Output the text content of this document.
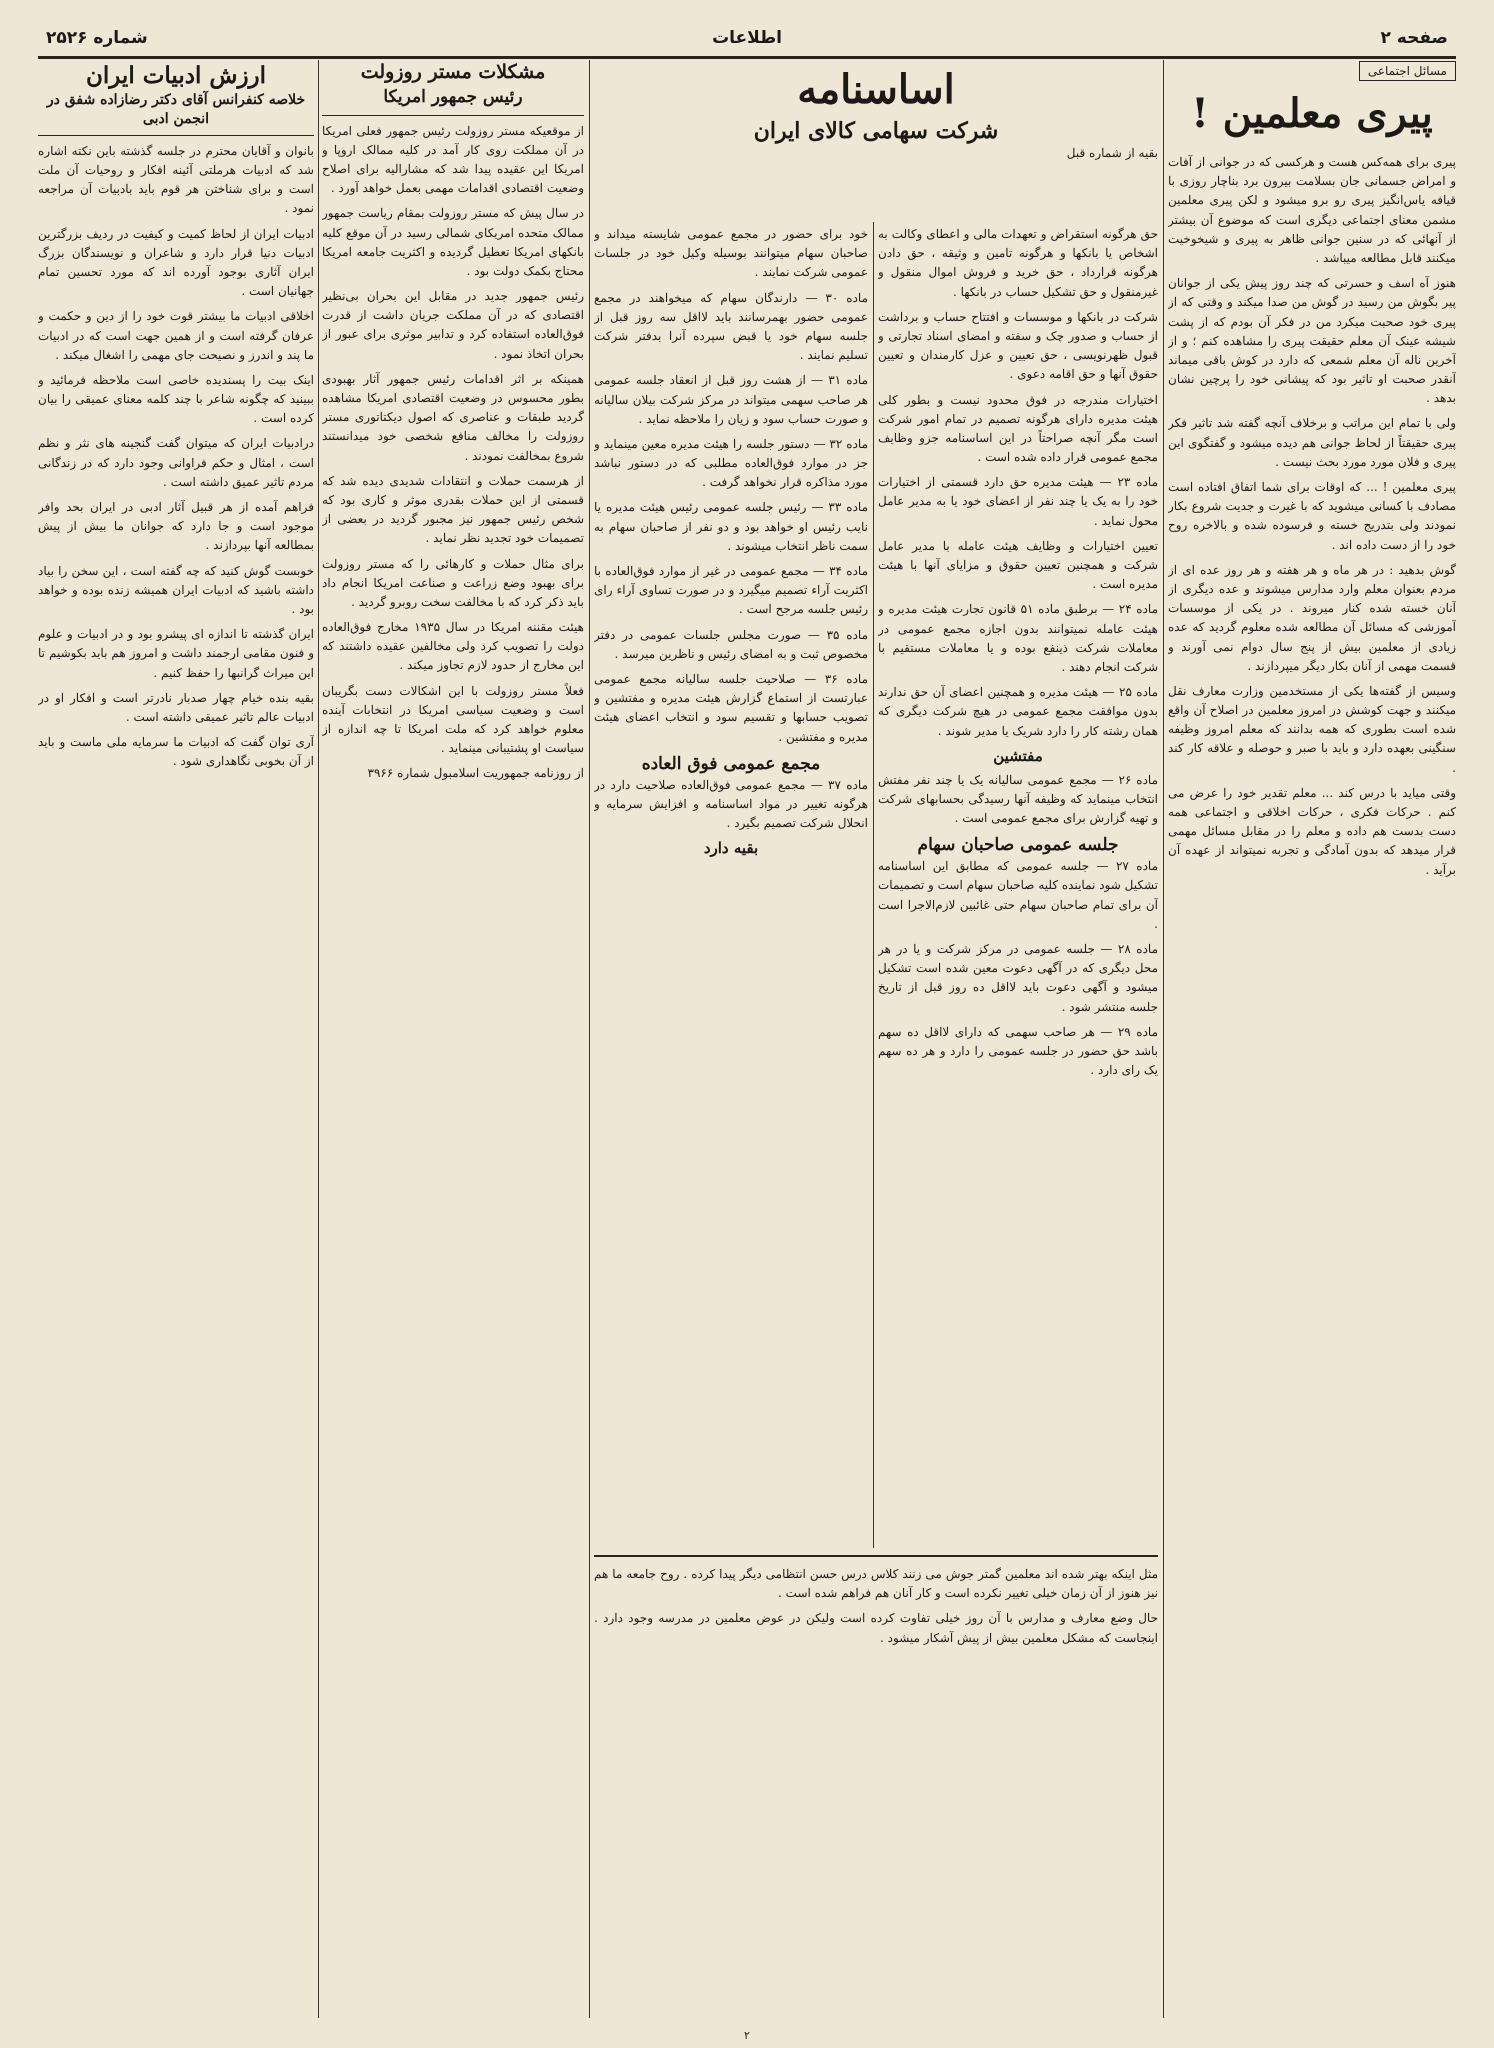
شماره ۲۵۲۶	اطلاعات	صفحه ۲
مسائل اجتماعی
پیری معلمین !

پیری برای همه‌کس هست و هرکسی که در جوانی از آفات و امراض جسمانی جان بسلامت بیرون برد بناچار روزی با قیافه یاس‌انگیز پیری رو برو میشود و لکن پیری معلمین مشمن معنای اجتماعی دیگری است که موضوع آن بیشتر از آنهائی که در سنین جوانی ظاهر به پیری و شیخوخیت میکنند قابل مطالعه میباشد .

هنوز آه اسف و حسرتی که چند روز پیش یکی از جوانان پیر بگوش من رسید در گوش من صدا میکند و وقتی که از پیری خود صحبت میکرد من در فکر آن بودم که از پشت شیشه عینک آن معلم حقیقت پیری را مشاهده کنم ؛ و از آخرین ناله آن معلم شمعی که دارد در کوش باقی میماند آنقدر صحبت او تاثیر بود که پیشانی خود را پرچین نشان بدهد .

ولی با تمام این مراتب و برخلاف آنچه گفته شد تاثیر فکر پیری حقیقتاً از لحاظ جوانی هم دیده میشود و گفتگوی این پیری و فلان مورد مورد بحث نیست .

پیری معلمین ! ... که اوقات برای شما اتفاق افتاده است مصادف با کسانی میشوید که با غیرت و جدیت شروع بکار نمودند ولی بتدریج خسته و فرسوده شده و بالاخره روح خود را از دست داده اند .

گوش بدهید : در هر ماه و هر هفته و هر روز عده ای از مردم بعنوان معلم وارد مدارس میشوند و عده دیگری از آنان خسته شده کنار میروند . در یکی از موسسات آموزشی که مسائل آن مطالعه شده معلوم گردید که عده زیادی از معلمین بیش از پنج سال دوام نمی آورند و قسمت مهمی از آنان بکار دیگر میپردازند .

وسیس از گفته‌ها یکی از مستخدمین وزارت معارف نقل میکنند و جهت کوشش در امروز معلمین در اصلاح آن واقع شده است بطوری که همه بدانند که معلم امروز وظیفه سنگینی بعهده دارد و باید با صبر و حوصله و علاقه کار کند .

وقتی میاید با درس کند ... معلم تقدیر خود را عرض می کنم . حرکات فکری ، حرکات اخلاقی و اجتماعی همه دست بدست هم داده و معلم را در مقابل مسائل مهمی قرار میدهد که بدون آمادگی و تجربه نمیتواند از عهده آن برآید .

اساسنامه
شرکت سهامی کالای ایران
بقیه از شماره قبل

حق هرگونه استقراض و تعهدات مالی و اعطای وکالت به اشخاص یا بانکها و هرگونه تامین و وثیقه ، حق دادن هرگونه قرارداد ، حق خرید و فروش اموال منقول و غیرمنقول و حق تشکیل حساب در بانکها .

شرکت در بانکها و موسسات و افتتاح حساب و برداشت از حساب و صدور چک و سفته و امضای اسناد تجارتی و قبول ظهرنویسی ، حق تعیین و عزل کارمندان و تعیین حقوق آنها و حق اقامه دعوی .

اختیارات مندرجه در فوق محدود نیست و بطور کلی هیئت مدیره دارای هرگونه تصمیم در تمام امور شرکت است مگر آنچه صراحتاً در این اساسنامه جزو وظایف مجمع عمومی قرار داده شده است .

ماده ۲۳ — هیئت مدیره حق دارد قسمتی از اختیارات خود را به یک یا چند نفر از اعضای خود یا به مدیر عامل محول نماید .

تعیین اختیارات و وظایف هیئت عامله با مدیر عامل شرکت و همچنین تعیین حقوق و مزایای آنها با هیئت مدیره است .

ماده ۲۴ — برطبق ماده ۵۱ قانون تجارت هیئت مدیره و هیئت عامله نمیتوانند بدون اجازه مجمع عمومی در معاملات شرکت ذینفع بوده و یا معاملات مستقیم با شرکت انجام دهند .

ماده ۲۵ — هیئت مدیره و همچنین اعضای آن حق ندارند بدون موافقت مجمع عمومی در هیچ شرکت دیگری که همان رشته کار را دارد شریک یا مدیر شوند .

مفتشین

ماده ۲۶ — مجمع عمومی سالیانه یک یا چند نفر مفتش انتخاب مینماید که وظیفه آنها رسیدگی بحسابهای شرکت و تهیه گزارش برای مجمع عمومی است .

جلسه عمومی صاحبان سهام

ماده ۲۷ — جلسه عمومی که مطابق این اساسنامه تشکیل شود نماینده کلیه صاحبان سهام است و تصمیمات آن برای تمام صاحبان سهام حتی غائبین لازم‌الاجرا است .

ماده ۲۸ — جلسه عمومی در مرکز شرکت و یا در هر محل دیگری که در آگهی دعوت معین شده است تشکیل میشود و آگهی دعوت باید لااقل ده روز قبل از تاریخ جلسه منتشر شود .

ماده ۲۹ — هر صاحب سهمی که دارای لااقل ده سهم باشد حق حضور در جلسه عمومی را دارد و هر ده سهم یک رای دارد .

خود برای حضور در مجمع عمومی شایسته میداند و صاحبان سهام میتوانند بوسیله وکیل خود در جلسات عمومی شرکت نمایند .

ماده ۳۰ — دارندگان سهام که میخواهند در مجمع عمومی حضور بهمرسانند باید لااقل سه روز قبل از جلسه سهام خود یا قبض سپرده آنرا بدفتر شرکت تسلیم نمایند .

ماده ۳۱ — از هشت روز قبل از انعقاد جلسه عمومی هر صاحب سهمی میتواند در مرکز شرکت بیلان سالیانه و صورت حساب سود و زیان را ملاحظه نماید .

ماده ۳۲ — دستور جلسه را هیئت مدیره معین مینماید و جز در موارد فوق‌العاده مطلبی که در دستور نباشد مورد مذاکره قرار نخواهد گرفت .

ماده ۳۳ — رئیس جلسه عمومی رئیس هیئت مدیره یا نایب رئیس او خواهد بود و دو نفر از صاحبان سهام به سمت ناظر انتخاب میشوند .

ماده ۳۴ — مجمع عمومی در غیر از موارد فوق‌العاده با اکثریت آراء تصمیم میگیرد و در صورت تساوی آراء رای رئیس جلسه مرجح است .

ماده ۳۵ — صورت مجلس جلسات عمومی در دفتر مخصوص ثبت و به امضای رئیس و ناظرین میرسد .

ماده ۳۶ — صلاحیت جلسه سالیانه مجمع عمومی عبارتست از استماع گزارش هیئت مدیره و مفتشین و تصویب حسابها و تقسیم سود و انتخاب اعضای هیئت مدیره و مفتشین .

مجمع عمومی فوق العاده

ماده ۳۷ — مجمع عمومی فوق‌العاده صلاحیت دارد در هرگونه تغییر در مواد اساسنامه و افزایش سرمایه و انحلال شرکت تصمیم بگیرد .

بقیه دارد

مثل اینکه بهتر شده اند معلمین گمتر جوش می زنند کلاس درس حسن انتظامی دیگر پیدا کرده . روح جامعه ما هم نیز هنوز از آن زمان خیلی تغییر نکرده است و کار آنان هم فراهم شده است .

حال وضع معارف و مدارس با آن روز خیلی تفاوت کرده است ولیکن در عوض معلمین در مدرسه وجود دارد . اینجاست که مشکل معلمین بیش از پیش آشکار میشود .

مشکلات مستر روزولت
رئیس جمهور امریکا

از موقعیکه مستر روزولت رئیس جمهور فعلی امریکا در آن مملکت روی کار آمد در کلیه ممالک اروپا و امریکا این عقیده پیدا شد که مشارالیه برای اصلاح وضعیت اقتصادی اقدامات مهمی بعمل خواهد آورد .

در سال پیش که مستر روزولت بمقام ریاست جمهور ممالک متحده امریکای شمالی رسید در آن موقع کلیه بانکهای امریکا تعطیل گردیده و اکثریت جامعه امریکا محتاج بکمک دولت بود .

رئیس جمهور جدید در مقابل این بحران بی‌نظیر اقتصادی که در آن مملکت جریان داشت از قدرت فوق‌العاده استفاده کرد و تدابیر موثری برای عبور از بحران اتخاذ نمود .

همینکه بر اثر اقدامات رئیس جمهور آثار بهبودی بطور محسوس در وضعیت اقتصادی امریکا مشاهده گردید طبقات و عناصری که اصول دیکتاتوری مستر روزولت را مخالف منافع شخصی خود میدانستند شروع بمخالفت نمودند .

از هرسمت حملات و انتقادات شدیدی دیده شد که قسمتی از این حملات بقدری موثر و کاری بود که شخص رئیس جمهور نیز مجبور گردید در بعضی از تصمیمات خود تجدید نظر نماید .

برای مثال حملات و کارهائی را که مستر روزولت برای بهبود وضع زراعت و صناعت امریکا انجام داد باید ذکر کرد که با مخالفت سخت روبرو گردید .

هیئت مقننه امریکا در سال ۱۹۳۵ مخارج فوق‌العاده دولت را تصویب کرد ولی مخالفین عقیده داشتند که این مخارج از حدود لازم تجاوز میکند .

فعلاً مستر روزولت با این اشکالات دست بگریبان است و وضعیت سیاسی امریکا در انتخابات آینده معلوم خواهد کرد که ملت امریکا تا چه اندازه از سیاست او پشتیبانی مینماید .

از روزنامه جمهوریت اسلامبول شماره ۳۹۶۶

ارزش ادبیات ایران
خلاصه کنفرانس آقای دکتر رضازاده شفق در انجمن ادبی

بانوان و آقایان محترم در جلسه گذشته باین نکته اشاره شد که ادبیات هرملتی آئینه افکار و روحیات آن ملت است و برای شناختن هر قوم باید بادبیات آن مراجعه نمود .

ادبیات ایران از لحاظ کمیت و کیفیت در ردیف بزرگترین ادبیات دنیا قرار دارد و شاعران و نویسندگان بزرگ ایران آثاری بوجود آورده اند که مورد تحسین تمام جهانیان است .

اخلاقی ادبیات ما بیشتر قوت خود را از دین و حکمت و عرفان گرفته است و از همین جهت است که در ادبیات ما پند و اندرز و نصیحت جای مهمی را اشغال میکند .

اینک بیت را پسندیده خاصی است ملاحظه فرمائید و ببینید که چگونه شاعر با چند کلمه معنای عمیقی را بیان کرده است .

درادبیات ایران که میتوان گفت گنجینه های نثر و نظم است ، امثال و حکم فراوانی وجود دارد که در زندگانی مردم تاثیر عمیق داشته است .

فراهم آمده از هر قبیل آثار ادبی در ایران بحد وافر موجود است و جا دارد که جوانان ما بیش از پیش بمطالعه آنها بپردازند .

خوبست گوش کنید که چه گفته است ، این سخن را بیاد داشته باشید که ادبیات ایران همیشه زنده بوده و خواهد بود .

ایران گذشته تا اندازه ای پیشرو بود و در ادبیات و علوم و فنون مقامی ارجمند داشت و امروز هم باید بکوشیم تا این میراث گرانبها را حفظ کنیم .

بقیه بنده خیام چهار صدبار نادرتر است و افکار او در ادبیات عالم تاثیر عمیقی داشته است .

آری توان گفت که ادبیات ما سرمایه ملی ماست و باید از آن بخوبی نگاهداری شود .

۲
